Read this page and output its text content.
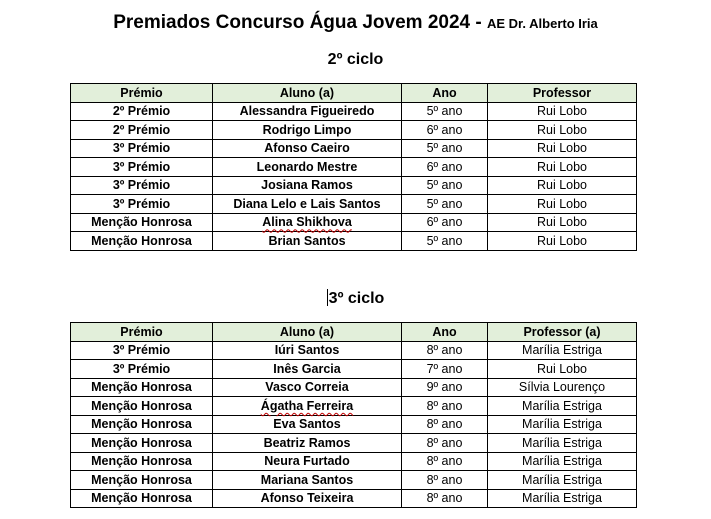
Premiados Concurso Água Jovem 2024 - AE Dr. Alberto Iria
2º ciclo
Prémio	Aluno (a)	Ano	Professor
2º Prémio	Alessandra Figueiredo	5º ano	Rui Lobo
2º Prémio	Rodrigo Limpo	6º ano	Rui Lobo
3º Prémio	Afonso Caeiro	5º ano	Rui Lobo
3º Prémio	Leonardo Mestre	6º ano	Rui Lobo
3º Prémio	Josiana Ramos	5º ano	Rui Lobo
3º Prémio	Diana Lelo e Lais Santos	5º ano	Rui Lobo
Menção Honrosa	Alina Shikhova	6º ano	Rui Lobo
Menção Honrosa	Brian Santos	5º ano	Rui Lobo
3º ciclo
Prémio	Aluno (a)	Ano	Professor (a)
3º Prémio	Iúri Santos	8º ano	Marília Estriga
3º Prémio	Inês Garcia	7º ano	Rui Lobo
Menção Honrosa	Vasco Correia	9º ano	Sílvia Lourenço
Menção Honrosa	Ágatha Ferreira	8º ano	Marília Estriga
Menção Honrosa	Eva Santos	8º ano	Marília Estriga
Menção Honrosa	Beatriz Ramos	8º ano	Marília Estriga
Menção Honrosa	Neura Furtado	8º ano	Marília Estriga
Menção Honrosa	Mariana Santos	8º ano	Marília Estriga
Menção Honrosa	Afonso Teixeira	8º ano	Marília Estriga
